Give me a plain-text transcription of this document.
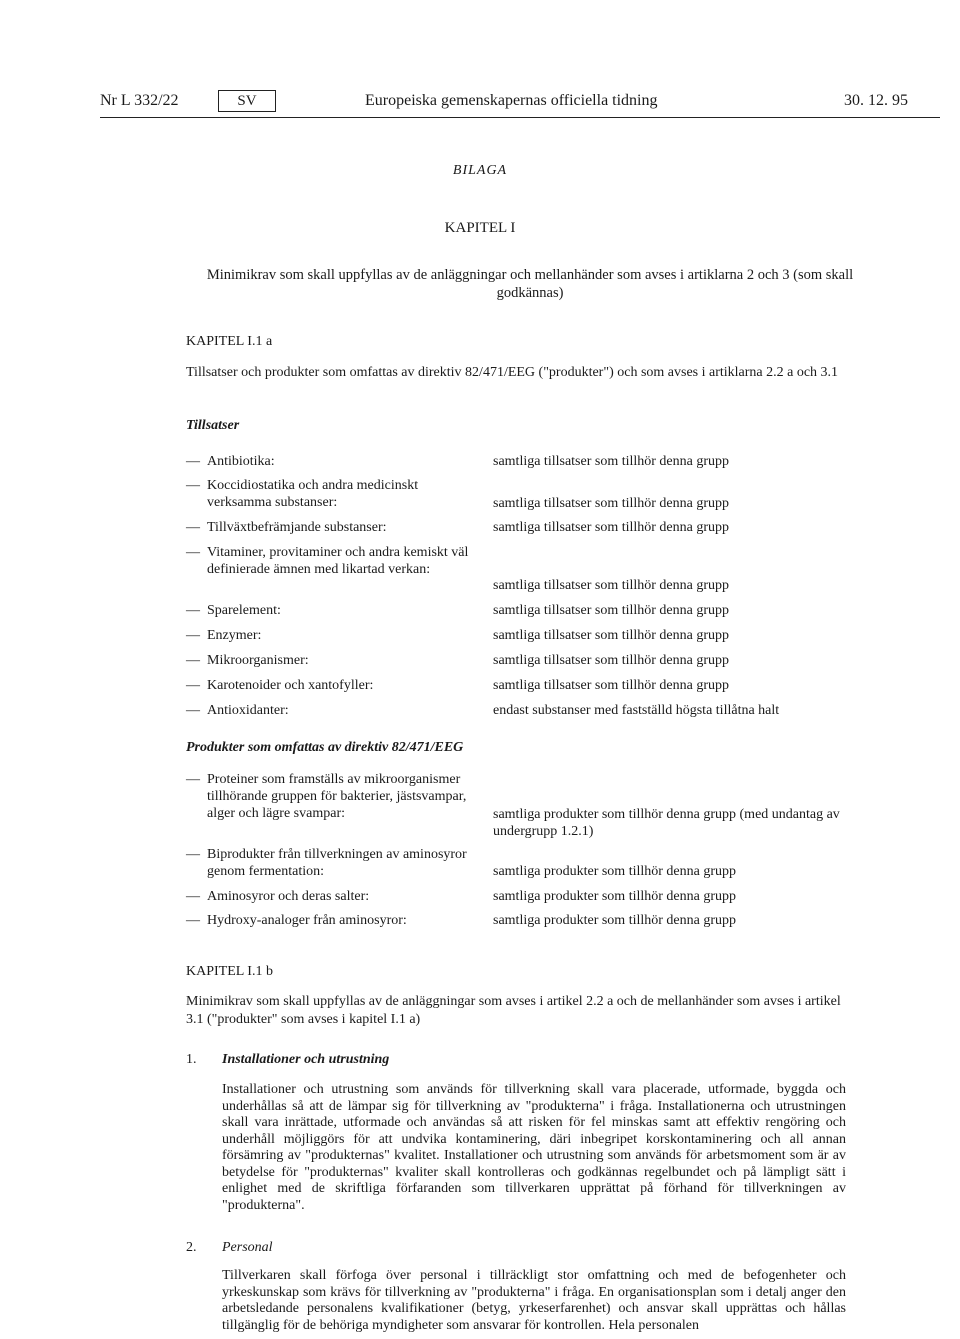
Nr L 332/22	SV	Europeiska gemenskapernas officiella tidning	30. 12. 95
BILAGA
KAPITEL I
Minimikrav som skall uppfyllas av de anläggningar och mellanhänder som avses i artiklarna 2 och 3 (som skall godkännas)
KAPITEL I.1 a
Tillsatser och produkter som omfattas av direktiv 82/471/EEG ("produkter") och som avses i artiklarna 2.2 a och 3.1
Tillsatser
— Antibiotika:	samtliga tillsatser som tillhör denna grupp
— Koccidiostatika och andra medicinskt verksamma substanser:	samtliga tillsatser som tillhör denna grupp
— Tillväxtbefrämjande substanser:	samtliga tillsatser som tillhör denna grupp
— Vitaminer, provitaminer och andra kemiskt väl definierade ämnen med likartad verkan:
samtliga tillsatser som tillhör denna grupp
— Sparelement:	samtliga tillsatser som tillhör denna grupp
— Enzymer:	samtliga tillsatser som tillhör denna grupp
— Mikroorganismer:	samtliga tillsatser som tillhör denna grupp
— Karotenoider och xantofyller:	samtliga tillsatser som tillhör denna grupp
— Antioxidanter:	endast substanser med fastställd högsta tillåtna halt
Produkter som omfattas av direktiv 82/471/EEG
— Proteiner som framställs av mikroorganismer tillhörande gruppen för bakterier, jästsvampar, alger och lägre svampar:	samtliga produkter som tillhör denna grupp (med undantag av undergrupp 1.2.1)
— Biprodukter från tillverkningen av aminosyror genom fermentation:	samtliga produkter som tillhör denna grupp
— Aminosyror och deras salter:	samtliga produkter som tillhör denna grupp
— Hydroxy-analoger från aminosyror:	samtliga produkter som tillhör denna grupp
KAPITEL I.1 b
Minimikrav som skall uppfyllas av de anläggningar som avses i artikel 2.2 a och de mellanhänder som avses i artikel 3.1 ("produkter" som avses i kapitel I.1 a)
1. Installationer och utrustning
Installationer och utrustning som används för tillverkning skall vara placerade, utformade, byggda och underhållas så att de lämpar sig för tillverkning av "produkterna" i fråga. Installationerna och utrustningen skall vara inrättade, utformade och användas så att risken för fel minskas samt att effektiv rengöring och underhåll möjliggörs för att undvika kontaminering, däri inbegripet korskontaminering och all annan försämring av "produkternas" kvalitet. Installationer och utrustning som används för arbetsmoment som är av betydelse för "produkternas" kvaliter skall kontrolleras och godkännas regelbundet och på lämpligt sätt i enlighet med de skriftliga förfaranden som tillverkaren upprättat på förhand för tillverkningen av "produkterna".
2. Personal
Tillverkaren skall förfoga över personal i tillräckligt stor omfattning och med de befogenheter och yrkeskunskap som krävs för tillverkning av "produkterna" i fråga. En organisationsplan som i detalj anger den arbetsledande personalens kvalifikationer (betyg, yrkeserfarenhet) och ansvar skall upprättas och hållas tillgänglig för de behöriga myndigheter som ansvarar för kontrollen. Hela personalen
